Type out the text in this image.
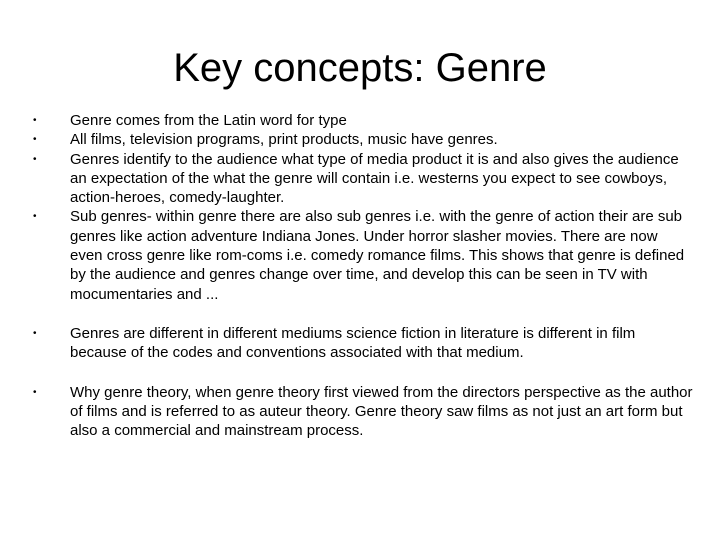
Key concepts: Genre
•	Genre comes from the Latin word for type
•	All films, television programs, print products, music have genres.
•	Genres identify to the audience what type of media product it is and also gives the audience an expectation of the what the genre will contain i.e. westerns you expect to see cowboys, action-heroes, comedy-laughter.
•	Sub genres- within genre there are also sub genres i.e. with the genre of action their are sub genres like action adventure Indiana Jones. Under horror slasher movies. There are now even cross genre like rom-coms i.e. comedy romance films. This shows that genre is defined by the audience and genres change over time, and develop this can be seen in TV with mocumentaries and ...
•	Genres are different in different mediums science fiction in literature is different in film because of the codes and conventions associated with that medium.
•	Why genre theory, when genre theory first viewed from the directors perspective as the author of films and is referred to as auteur theory. Genre theory saw films as not just an art form but also a commercial and mainstream process.
